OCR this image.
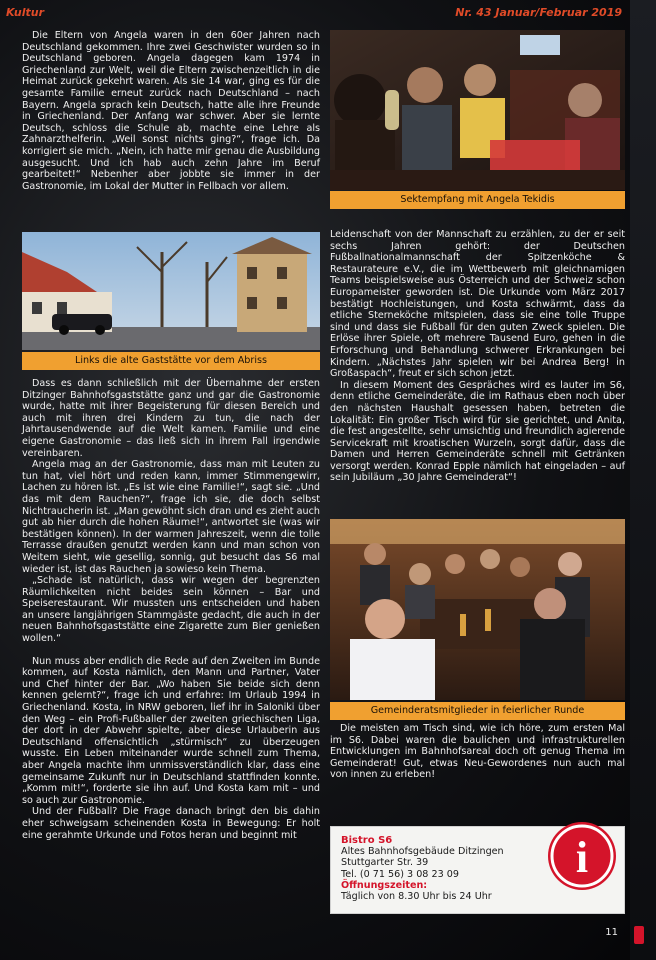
Kultur	Nr. 43 Januar/Februar 2019

Die Eltern von Angela waren in den 60er Jahren nach Deutschland gekommen. Ihre zwei Geschwister wurden so in Deutschland geboren. Angela dagegen kam 1974 in Griechenland zur Welt, weil die Eltern zwischenzeitlich in die Heimat zurück gekehrt waren. Als sie 14 war, ging es für die gesamte Familie erneut zurück nach Deutschland – nach Bayern. Angela sprach kein Deutsch, hatte alle ihre Freunde in Griechenland. Der Anfang war schwer. Aber sie lernte Deutsch, schloss die Schule ab, machte eine Lehre als Zahnarzthelferin. „Weil sonst nichts ging?“, frage ich. Da korrigiert sie mich. „Nein, ich hatte mir genau die Ausbildung ausgesucht. Und ich hab auch zehn Jahre im Beruf gearbeitet!“ Nebenher aber jobbte sie immer in der Gastronomie, im Lokal der Mutter in Fellbach vor allem.

Sektempfang mit Angela Tekidis
Links die alte Gaststätte vor dem Abriss

Dass es dann schließlich mit der Übernahme der ersten Ditzinger Bahnhofsgaststätte ganz und gar die Gastronomie wurde, hatte mit ihrer Begeisterung für diesen Bereich und auch mit ihren drei Kindern zu tun, die nach der Jahrtausendwende auf die Welt kamen. Familie und eine eigene Gastronomie – das ließ sich in ihrem Fall irgendwie vereinbaren.

Angela mag an der Gastronomie, dass man mit Leuten zu tun hat, viel hört und reden kann, immer Stimmengewirr, Lachen zu hören ist. „Es ist wie eine Familie!“, sagt sie. „Und das mit dem Rauchen?“, frage ich sie, die doch selbst Nichtraucherin ist. „Man gewöhnt sich dran und es zieht auch gut ab hier durch die hohen Räume!“, antwortet sie (was wir bestätigen können). In der warmen Jahreszeit, wenn die tolle Terrasse draußen genutzt werden kann und man schon von Weitem sieht, wie gesellig, sonnig, gut besucht das S6 mal wieder ist, ist das Rauchen ja sowieso kein Thema.

„Schade ist natürlich, dass wir wegen der begrenzten Räumlichkeiten nicht beides sein können – Bar und Speiserestaurant. Wir mussten uns entscheiden und haben an unsere langjährigen Stammgäste gedacht, die auch in der neuen Bahnhofsgaststätte eine Zigarette zum Bier genießen wollen.“

Nun muss aber endlich die Rede auf den Zweiten im Bunde kommen, auf Kosta nämlich, den Mann und Partner, Vater und Chef hinter der Bar. „Wo haben Sie beide sich denn kennen gelernt?“, frage ich und erfahre: Im Urlaub 1994 in Griechenland. Kosta, in NRW geboren, lief ihr in Saloniki über den Weg – ein Profi-Fußballer der zweiten griechischen Liga, der dort in der Abwehr spielte, aber diese Urlauberin aus Deutschland offensichtlich „stürmisch“ zu überzeugen wusste. Ein Leben miteinander wurde schnell zum Thema, aber Angela machte ihm unmissverständlich klar, dass eine gemeinsame Zukunft nur in Deutschland stattfinden konnte. „Komm mit!“, forderte sie ihn auf. Und Kosta kam mit – und so auch zur Gastronomie.

Und der Fußball? Die Frage danach bringt den bis dahin eher schweigsam scheinenden Kosta in Bewegung: Er holt eine gerahmte Urkunde und Fotos heran und beginnt mit

Leidenschaft von der Mannschaft zu erzählen, zu der er seit sechs Jahren gehört: der Deutschen Fußballnationalmannschaft der Spitzenköche & Restaurateure e.V., die im Wettbewerb mit gleichnamigen Teams beispielsweise aus Österreich und der Schweiz schon Europameister geworden ist. Die Urkunde vom März 2017 bestätigt Hochleistungen, und Kosta schwärmt, dass da etliche Sterneköche mitspielen, dass sie eine tolle Truppe sind und dass sie Fußball für den guten Zweck spielen. Die Erlöse ihrer Spiele, oft mehrere Tausend Euro, gehen in die Erforschung und Behandlung schwerer Erkrankungen bei Kindern. „Nächstes Jahr spielen wir bei Andrea Berg! in Großaspach“, freut er sich schon jetzt.

In diesem Moment des Gespräches wird es lauter im S6, denn etliche Gemeinderäte, die im Rathaus eben noch über den nächsten Haushalt gesessen haben, betreten die Lokalität: Ein großer Tisch wird für sie gerichtet, und Anita, die fest angestellte, sehr umsichtig und freundlich agierende Servicekraft mit kroatischen Wurzeln, sorgt dafür, dass die Damen und Herren Gemeinderäte schnell mit Getränken versorgt werden. Konrad Epple nämlich hat eingeladen – auf sein Jubiläum „30 Jahre Gemeinderat“!

Gemeinderatsmitglieder in feierlicher Runde

Die meisten am Tisch sind, wie ich höre, zum ersten Mal im S6. Dabei waren die baulichen und infrastrukturellen Entwicklungen im Bahnhofsareal doch oft genug Thema im Gemeinderat! Gut, etwas Neu-Gewordenes nun auch mal von innen zu erleben!

Bistro S6
Altes Bahnhofsgebäude Ditzingen
Stuttgarter Str. 39
Tel. (0 71 56) 3 08 23 09
Öffnungszeiten:
Täglich von 8.30 Uhr bis 24 Uhr
i
11
